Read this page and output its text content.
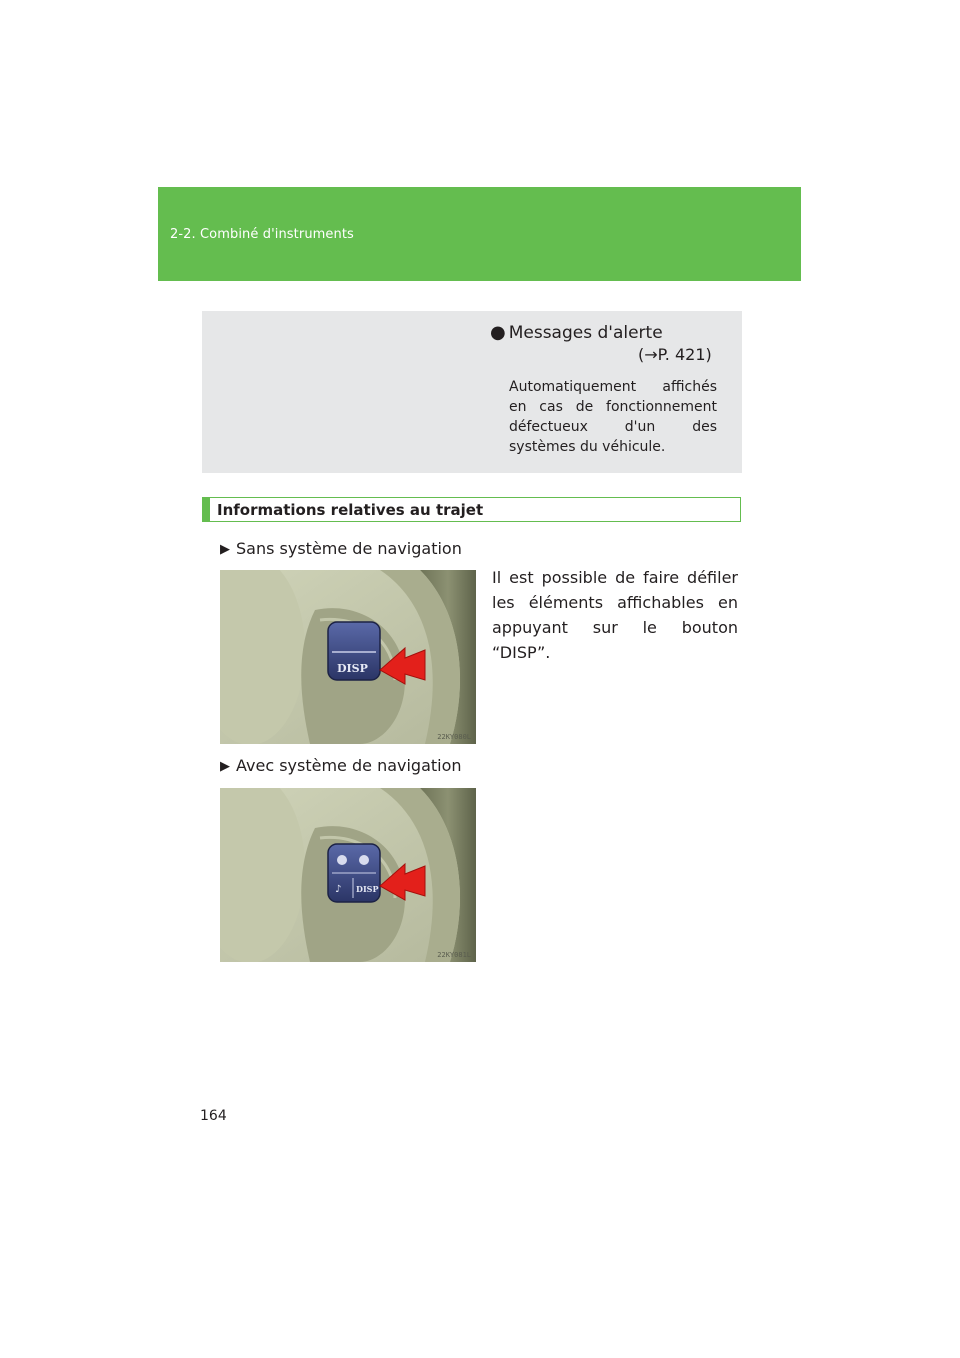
2-2. Combiné d'instruments
● Messages d'alerte
(→P. 421)
Automatiquement affichés en cas de fonctionnement défectueux d'un des systèmes du véhicule.
Informations relatives au trajet
▶ Sans système de navigation
DISP
22KY080L
Il est possible de faire défiler les éléments affichables en appuyant sur le bouton “DISP”.
▶ Avec système de navigation
♪ DISP
22KY081L
164
